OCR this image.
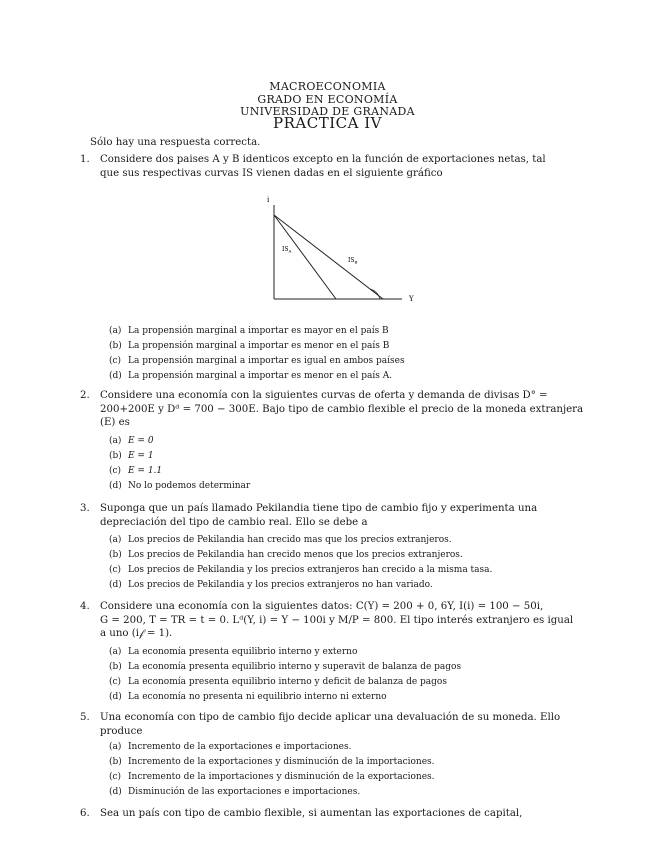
MACROECONOMIA
GRADO EN ECONOMÍA
UNIVERSIDAD DE GRANADA
PRACTICA IV
Sólo hay una respuesta correcta.
1. Considere dos paises A y B identicos excepto en la función de exportaciones netas, tal
que sus respectivas curvas IS vienen dadas en el siguiente gráfico
i
Y
$IS_A$
$IS_B$
(a) La propensión marginal a importar es mayor en el país B
(b) La propensión marginal a importar es menor en el país B
(c) La propensión marginal a importar es igual en ambos países
(d) La propensión marginal a importar es menor en el país A.
2. Considere una economía con la siguientes curvas de oferta y demanda de divisas D° =
200+200E y Dᵈ = 700 − 300E. Bajo tipo de cambio flexible el precio de la moneda extranjera
(E) es
(a) E = 0
(b) E = 1
(c) E = 1.1
(d) No lo podemos determinar
3. Suponga que un país llamado Pekilandia tiene tipo de cambio fijo y experimenta una
depreciación del tipo de cambio real. Ello se debe a
(a) Los precios de Pekilandia han crecido mas que los precios extranjeros.
(b) Los precios de Pekilandia han crecido menos que los precios extranjeros.
(c) Los precios de Pekilandia y los precios extranjeros han crecido a la misma tasa.
(d) Los precios de Pekilandia y los precios extranjeros no han variado.
4. Considere una economía con la siguientes datos: C(Y) = 200 + 0, 6Y, I(i) = 100 − 50i,
G = 200, T = TR = t = 0. Lᵈ(Y, i) = Y − 100i y M/P = 800. El tipo interés extranjero es igual
a uno (i𝒻 = 1).
(a) La economía presenta equilibrio interno y externo
(b) La economía presenta equilibrio interno y superavit de balanza de pagos
(c) La economía presenta equilibrio interno y deficit de balanza de pagos
(d) La economía no presenta ni equilibrio interno ni externo
5. Una economía con tipo de cambio fijo decide aplicar una devaluación de su moneda. Ello
produce
(a) Incremento de la exportaciones e importaciones.
(b) Incremento de la exportaciones y disminución de la importaciones.
(c) Incremento de la importaciones y disminución de la exportaciones.
(d) Disminución de las exportaciones e importaciones.
6. Sea un país con tipo de cambio flexible, si aumentan las exportaciones de capital,
